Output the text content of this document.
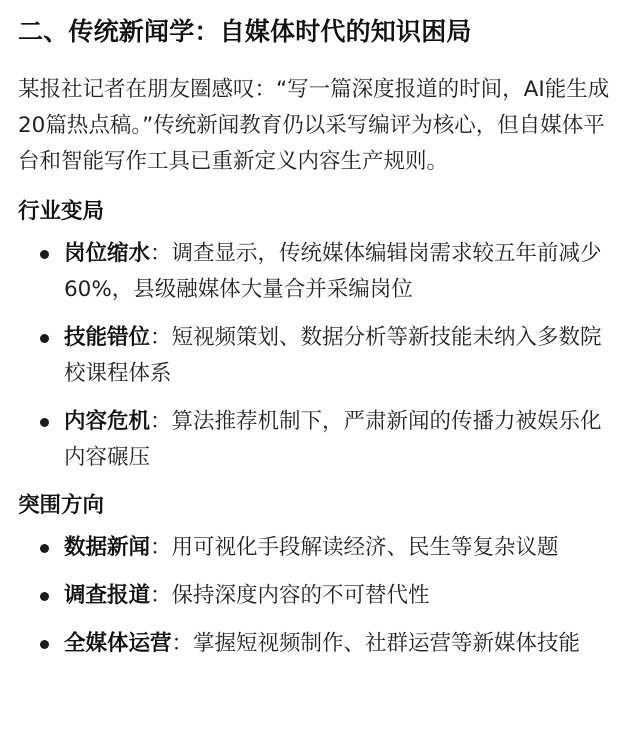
二、传统新闻学：自媒体时代的知识困局

某报社记者在朋友圈感叹：“写一篇深度报道的时间，AI能生成20篇热点稿。”传统新闻教育仍以采写编评为核心，但自媒体平台和智能写作工具已重新定义内容生产规则。

行业变局
岗位缩水：调查显示，传统媒体编辑岗需求较五年前减少60%，县级融媒体大量合并采编岗位
技能错位：短视频策划、数据分析等新技能未纳入多数院校课程体系
内容危机：算法推荐机制下，严肃新闻的传播力被娱乐化内容碾压
突围方向
数据新闻：用可视化手段解读经济、民生等复杂议题
调查报道：保持深度内容的不可替代性
全媒体运营：掌握短视频制作、社群运营等新媒体技能
